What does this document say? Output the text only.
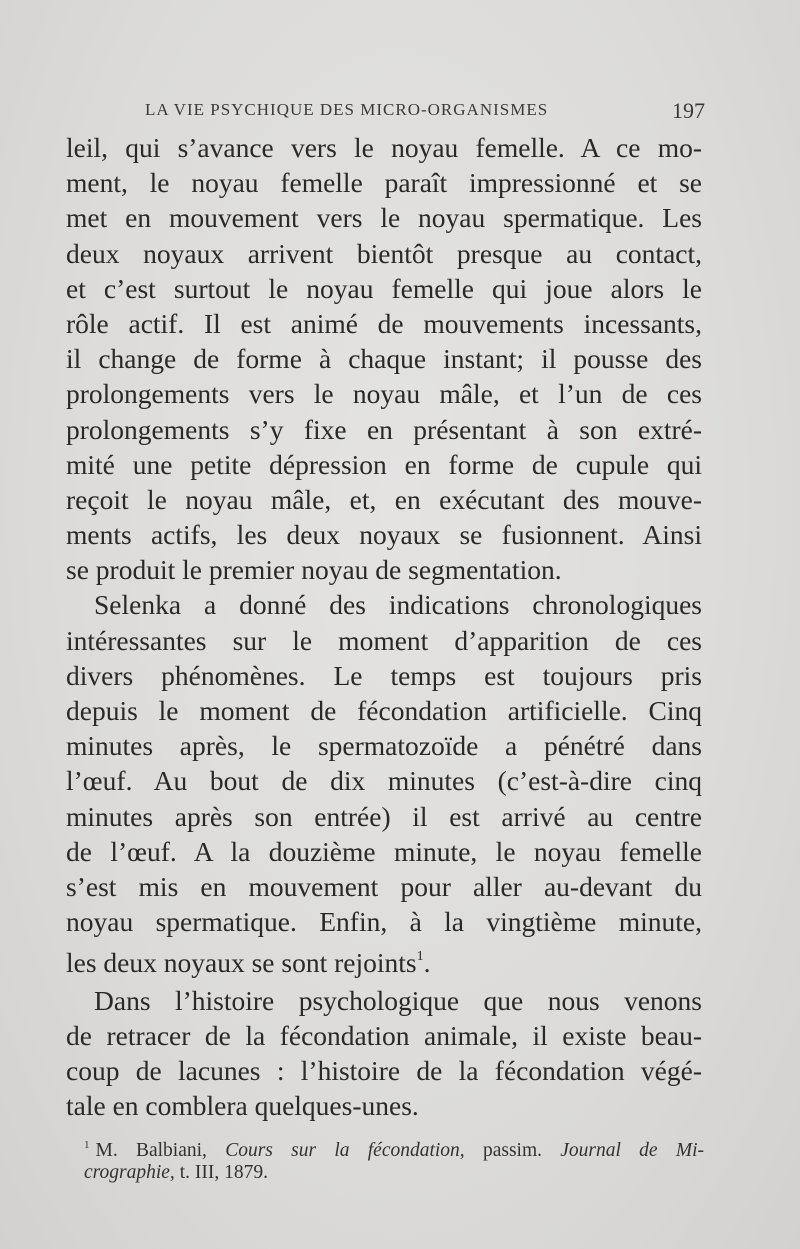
LA VIE PSYCHIQUE DES MICRO-ORGANISMES	197
leil, qui s’avance vers le noyau femelle. A ce mo-
ment, le noyau femelle paraît impressionné et se
met en mouvement vers le noyau spermatique. Les
deux noyaux arrivent bientôt presque au contact,
et c’est surtout le noyau femelle qui joue alors le
rôle actif. Il est animé de mouvements incessants,
il change de forme à chaque instant; il pousse des
prolongements vers le noyau mâle, et l’un de ces
prolongements s’y fixe en présentant à son extré-
mité une petite dépression en forme de cupule qui
reçoit le noyau mâle, et, en exécutant des mouve-
ments actifs, les deux noyaux se fusionnent. Ainsi
se produit le premier noyau de segmentation.
Selenka a donné des indications chronologiques
intéressantes sur le moment d’apparition de ces
divers phénomènes. Le temps est toujours pris
depuis le moment de fécondation artificielle. Cinq
minutes après, le spermatozoïde a pénétré dans
l’œuf. Au bout de dix minutes (c’est-à-dire cinq
minutes après son entrée) il est arrivé au centre
de l’œuf. A la douzième minute, le noyau femelle
s’est mis en mouvement pour aller au-devant du
noyau spermatique. Enfin, à la vingtième minute,
les deux noyaux se sont rejoints$^1$.
Dans l’histoire psychologique que nous venons
de retracer de la fécondation animale, il existe beau-
coup de lacunes : l’histoire de la fécondation végé-
tale en comblera quelques-unes.
$^1$ M. Balbiani, Cours sur la fécondation, passim. Journal de Mi-
crographie, t. III, 1879.
